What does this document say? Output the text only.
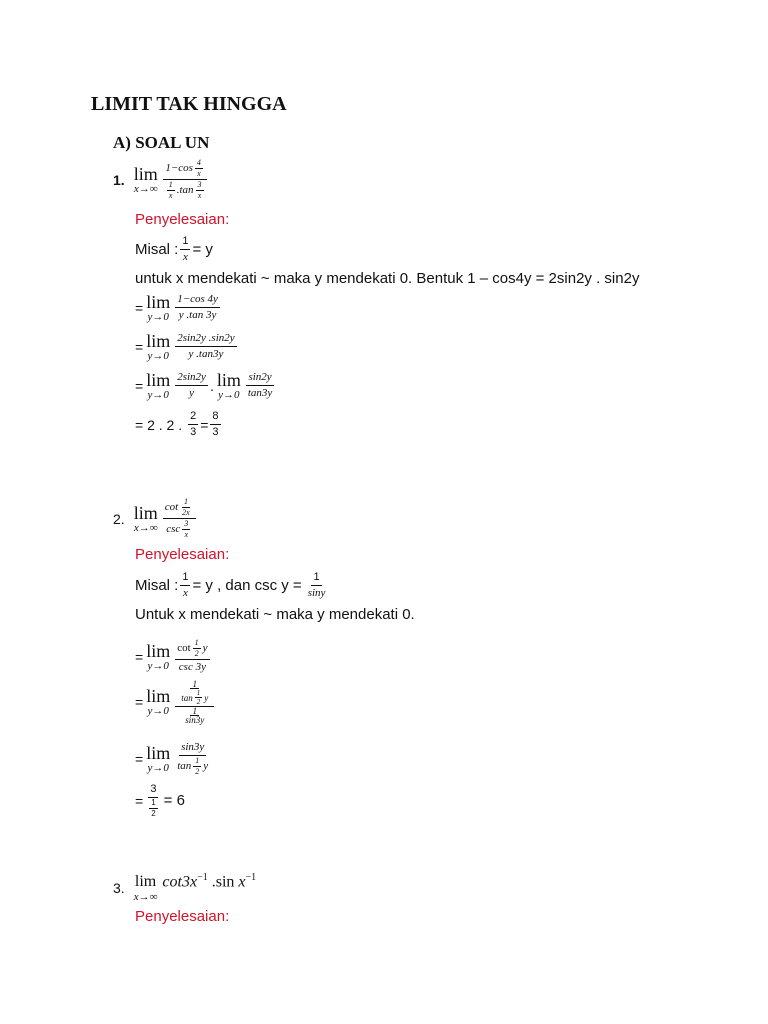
LIMIT TAK HINGGA
A) SOAL UN
1. lim
$x\to\infty \frac{1-\cos \frac{4}{x}}{\frac{1}{x} .\tan \frac{3}{x}}$
Penyelesaian:
Misal : $\frac{1}{x} = y$
untuk x mendekati ~ maka y mendekati 0. Bentuk 1 – cos4y = 2sin2y . sin2y
= lim
$y\to 0 \frac{1-\cos 4y}{y .\tan 3y}$
= lim
$y\to 0 \frac{2\sin 2y .\sin 2y}{y .\tan 3y}$
= lim
$y\to 0 \frac{2\sin 2y}{y}$ . lim
$y\to 0 \frac{\sin 2y}{\tan 3y}$
= 2 . 2 . $\frac{2}{3} = \frac{8}{3}$
2. lim
x→∞
$\cot \frac{1}{2x}$
$\csc \frac{3}{x}$
Penyelesaian:
Misal : $\frac{1}{x} = y$ , dan $\csc y = \frac{1}{\sin y}$
Untuk x mendekati ~ maka y mendekati 0.
= lim
y→0
$\cot \frac{1}{2}$ y
csc 3y
= lim
y→0
$\frac{1}{\tan \frac{1}{2} y}$
$\frac{1}{\sin 3y}$
= lim
y→0
sin3y
$\tan \frac{1}{2}$ y
=
3
$\frac{1}{2} = 6$
3. lim
x→∞
$\cot 3x^{-1}$ .sin $x^{-1}$
Penyelesaian:
